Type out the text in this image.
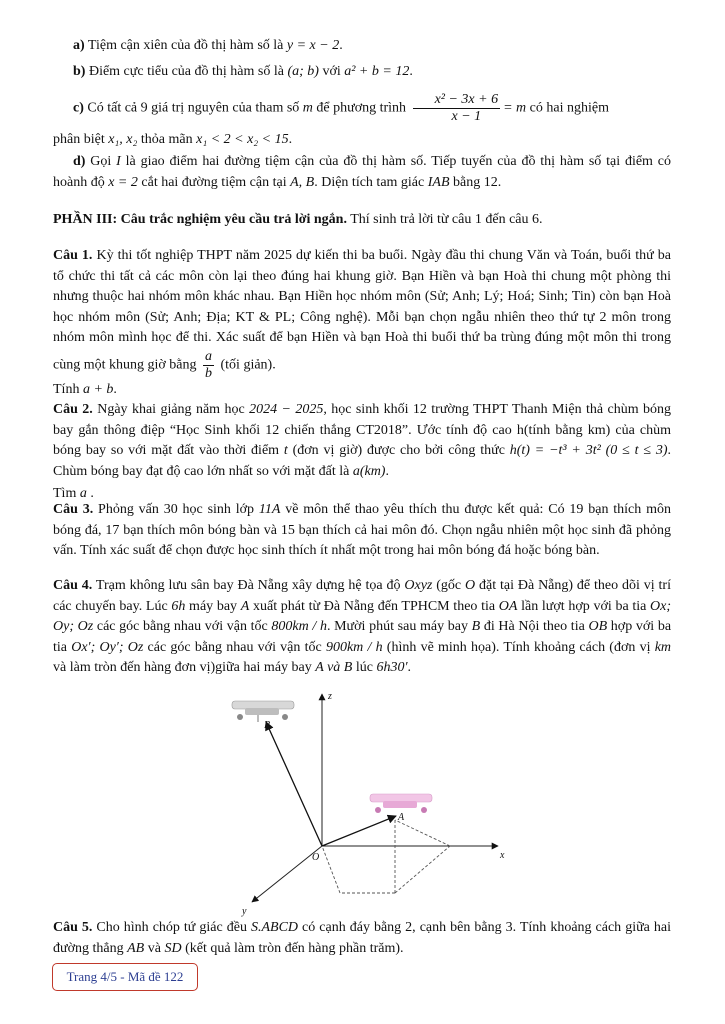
a) Tiệm cận xiên của đồ thị hàm số là y = x − 2.
b) Điểm cực tiểu của đồ thị hàm số là (a; b) với a² + b = 12.
c) Có tất cả 9 giá trị nguyên của tham số m để phương trình $\frac{\text{x² − 3x + 6}}{x - 1} = m$ có hai nghiệm
phân biệt x₁, x₂ thỏa mãn x₁ < 2 < x₂ < 15.
d) Gọi I là giao điểm hai đường tiệm cận của đồ thị hàm số. Tiếp tuyến của đồ thị hàm số tại điểm có hoành độ x = 2 cắt hai đường tiệm cận tại A, B. Diện tích tam giác IAB bằng 12.
PHẦN III: Câu trắc nghiệm yêu cầu trả lời ngắn. Thí sinh trả lời từ câu 1 đến câu 6.
Câu 1. Kỳ thi tốt nghiệp THPT năm 2025 dự kiến thi ba buổi. Ngày đầu thi chung Văn và Toán, buổi thứ ba tổ chức thi tất cả các môn còn lại theo đúng hai khung giờ. Bạn Hiền và bạn Hoà thi chung một phòng thi nhưng thuộc hai nhóm môn khác nhau. Bạn Hiền học nhóm môn (Sử; Anh; Lý; Hoá; Sinh; Tin) còn bạn Hoà học nhóm môn (Sử; Anh; Địa; KT & PL; Công nghệ). Mỗi bạn chọn ngẫu nhiên theo thứ tự 2 môn trong nhóm môn mình học để thi. Xác suất để bạn Hiền và bạn Hoà thi buổi thứ ba trùng đúng một môn thi trong cùng một khung giờ bằng $\frac{a}{b}$ (tối giản).
Tính a + b.
Câu 2. Ngày khai giảng năm học 2024 − 2025, học sinh khối 12 trường THPT Thanh Miện thả chùm bóng bay gắn thông điệp “Học Sinh khối 12 chiến thắng CT2018”. Ước tính độ cao h(tính bằng km) của chùm bóng bay so với mặt đất vào thời điểm t (đơn vị giờ) được cho bởi công thức h(t) = −t³ + 3t² (0 ≤ t ≤ 3). Chùm bóng bay đạt độ cao lớn nhất so với mặt đất là a(km).
Tìm a .
Câu 3. Phỏng vấn 30 học sinh lớp 11A về môn thể thao yêu thích thu được kết quả: Có 19 bạn thích môn bóng đá, 17 bạn thích môn bóng bàn và 15 bạn thích cả hai môn đó. Chọn ngẫu nhiên một học sinh đã phỏng vấn. Tính xác suất để chọn được học sinh thích ít nhất một trong hai môn bóng đá hoặc bóng bàn.
Câu 4. Trạm không lưu sân bay Đà Nẵng xây dựng hệ tọa độ Oxyz (gốc O đặt tại Đà Nẵng) để theo dõi vị trí các chuyến bay. Lúc 6h máy bay A xuất phát từ Đà Nẵng đến TPHCM theo tia OA lần lượt hợp với ba tia Ox; Oy; Oz các góc bằng nhau với vận tốc 800km / h. Mười phút sau máy bay B đi Hà Nội theo tia OB hợp với ba tia Ox′; Oy′; Oz các góc bằng nhau với vận tốc 900km / h (hình vẽ minh họa). Tính khoảng cách (đơn vị km và làm tròn đến hàng đơn vị)giữa hai máy bay A và B lúc 6h30′.
z
x
y
O
A
B
Câu 5. Cho hình chóp tứ giác đều S.ABCD có cạnh đáy bằng 2, cạnh bên bằng 3. Tính khoảng cách giữa hai đường thẳng AB và SD (kết quả làm tròn đến hàng phần trăm).
Trang 4/5 - Mã đề 122
